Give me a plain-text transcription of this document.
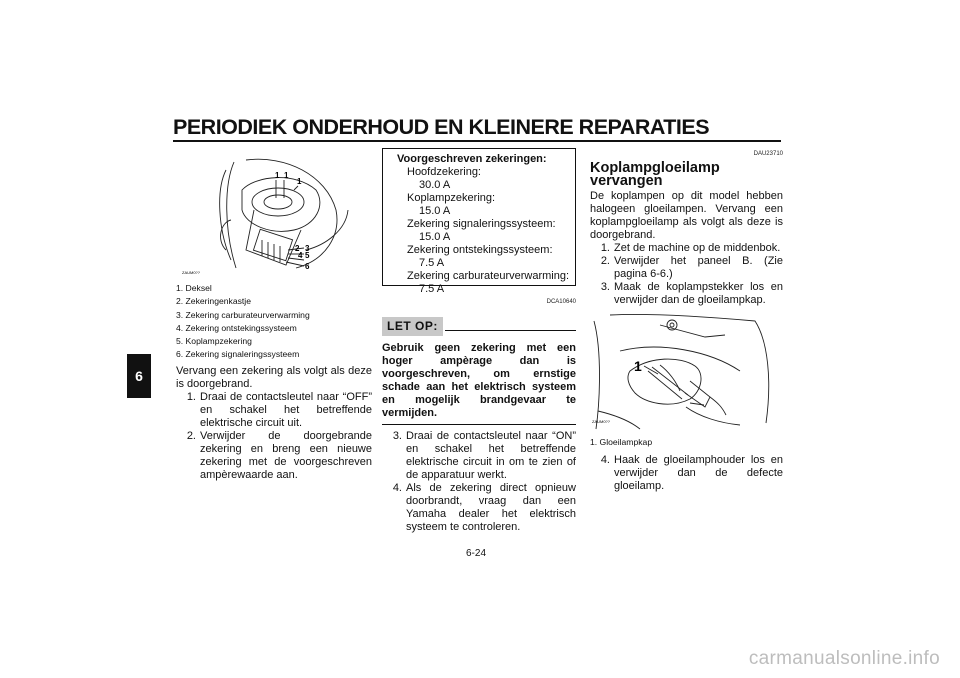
PERIODIEK ONDERHOUD EN KLEINERE REPARATIES
6
1 1
1
2 3
4 5
6
ZAUM0??
1. Deksel
2. Zekeringenkastje
3. Zekering carburateurverwarming
4. Zekering ontstekingssysteem
5. Koplampzekering
6. Zekering signaleringssysteem

Vervang een zekering als volgt als deze is doorgebrand.

1. Draai de contactsleutel naar “OFF” en schakel het betreffende elektrische circuit uit.
2. Verwijder de doorgebrande zekering en breng een nieuwe zekering met de voorgeschreven ampèrewaarde aan.
Voorgeschreven zekeringen:
Hoofdzekering:
30.0 A
Koplampzekering:
15.0 A
Zekering signaleringssysteem:
15.0 A
Zekering ontstekingssysteem:
7.5 A
Zekering carburateurverwarming:
7.5 A
DCA10640
LET OP:
Gebruik geen zekering met een hoger ampèrage dan is voorgeschreven, om ernstige schade aan het elektrisch systeem en mogelijk brandgevaar te vermijden.
3. Draai de contactsleutel naar “ON” en schakel het betreffende elektrische circuit in om te zien of de apparatuur werkt.
4. Als de zekering direct opnieuw doorbrandt, vraag dan een Yamaha dealer het elektrisch systeem te controleren.
DAU23710
Koplampgloeilamp vervangen

De koplampen op dit model hebben halogeen gloeilampen. Vervang een koplampgloeilamp als volgt als deze is doorgebrand.

1. Zet de machine op de middenbok.
2. Verwijder het paneel B. (Zie pagina 6-6.)
3. Maak de koplampstekker los en verwijder dan de gloeilampkap.
1
ZAUM0??
1. Gloeilampkap
4. Haak de gloeilamphouder los en verwijder dan de defecte gloeilamp.
6-24
carmanualsonline.info
